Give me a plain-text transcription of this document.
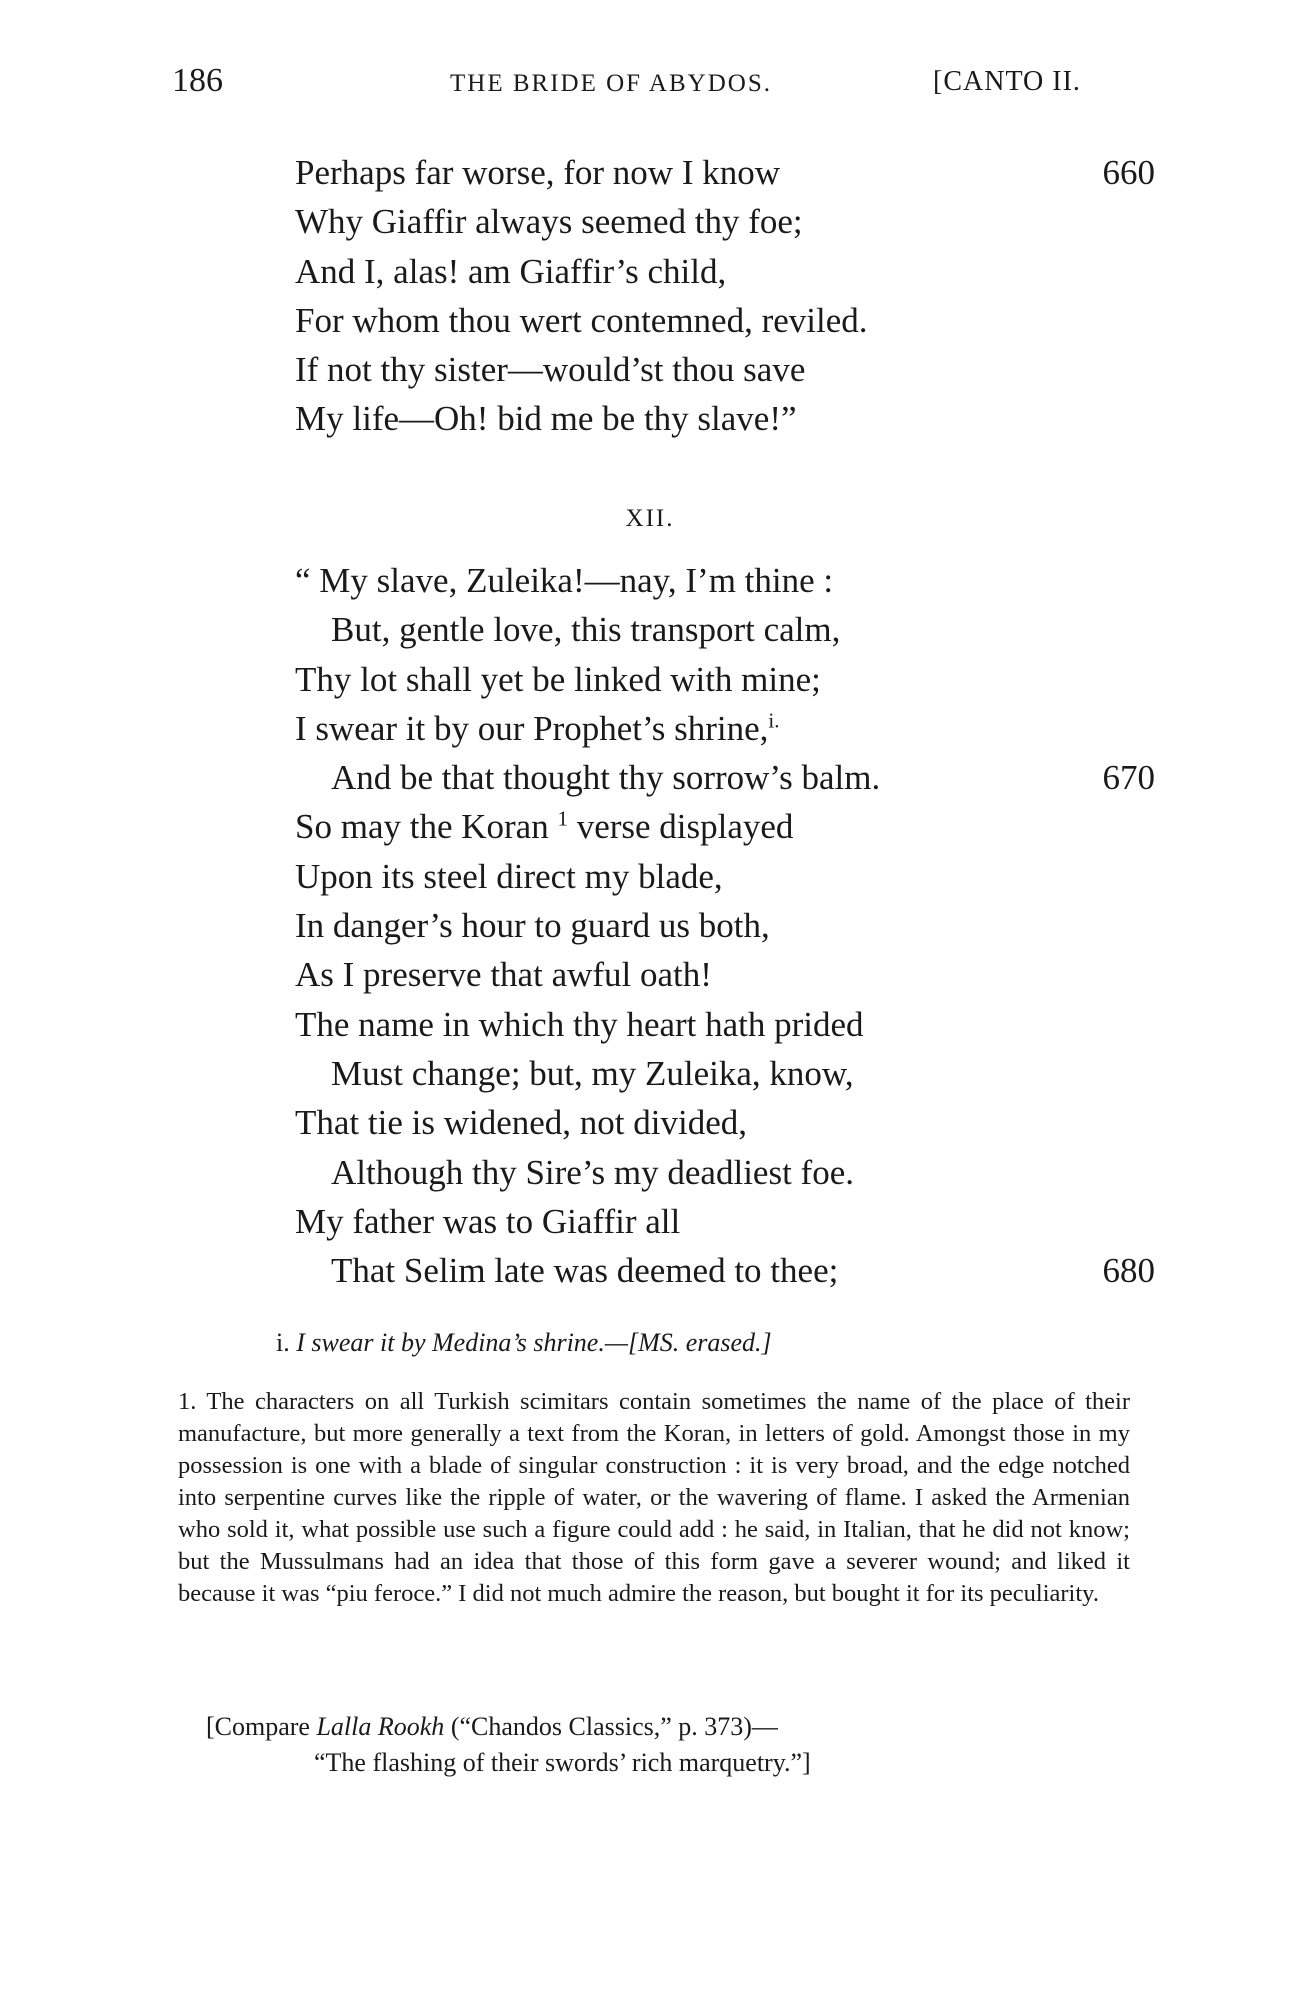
186	THE BRIDE OF ABYDOS.	[CANTO II.
Perhaps far worse, for now I know	660
Why Giaffir always seemed thy foe;
And I, alas! am Giaffir’s child,
For whom thou wert contemned, reviled.
If not thy sister—would’st thou save
My life—Oh! bid me be thy slave!”
XII.
“ My slave, Zuleika!—nay, I’m thine :
But, gentle love, this transport calm,
Thy lot shall yet be linked with mine;
I swear it by our Prophet’s shrine,$^{i.}$
And be that thought thy sorrow’s balm.	670
So may the Koran $^1$ verse displayed
Upon its steel direct my blade,
In danger’s hour to guard us both,
As I preserve that awful oath!
The name in which thy heart hath prided
Must change; but, my Zuleika, know,
That tie is widened, not divided,
Although thy Sire’s my deadliest foe.
My father was to Giaffir all
That Selim late was deemed to thee;	680
i. I swear it by Medina’s shrine.—[MS. erased.]

1. The characters on all Turkish scimitars contain sometimes the name of the place of their manufacture, but more generally a text from the Koran, in letters of gold. Amongst those in my possession is one with a blade of singular construction : it is very broad, and the edge notched into serpentine curves like the ripple of water, or the wavering of flame. I asked the Armenian who sold it, what possible use such a figure could add : he said, in Italian, that he did not know; but the Mussulmans had an idea that those of this form gave a severer wound; and liked it because it was “piu feroce.” I did not much admire the reason, but bought it for its peculiarity.

[Compare Lalla Rookh (“Chandos Classics,” p. 373)—
“The flashing of their swords’ rich marquetry.”]
